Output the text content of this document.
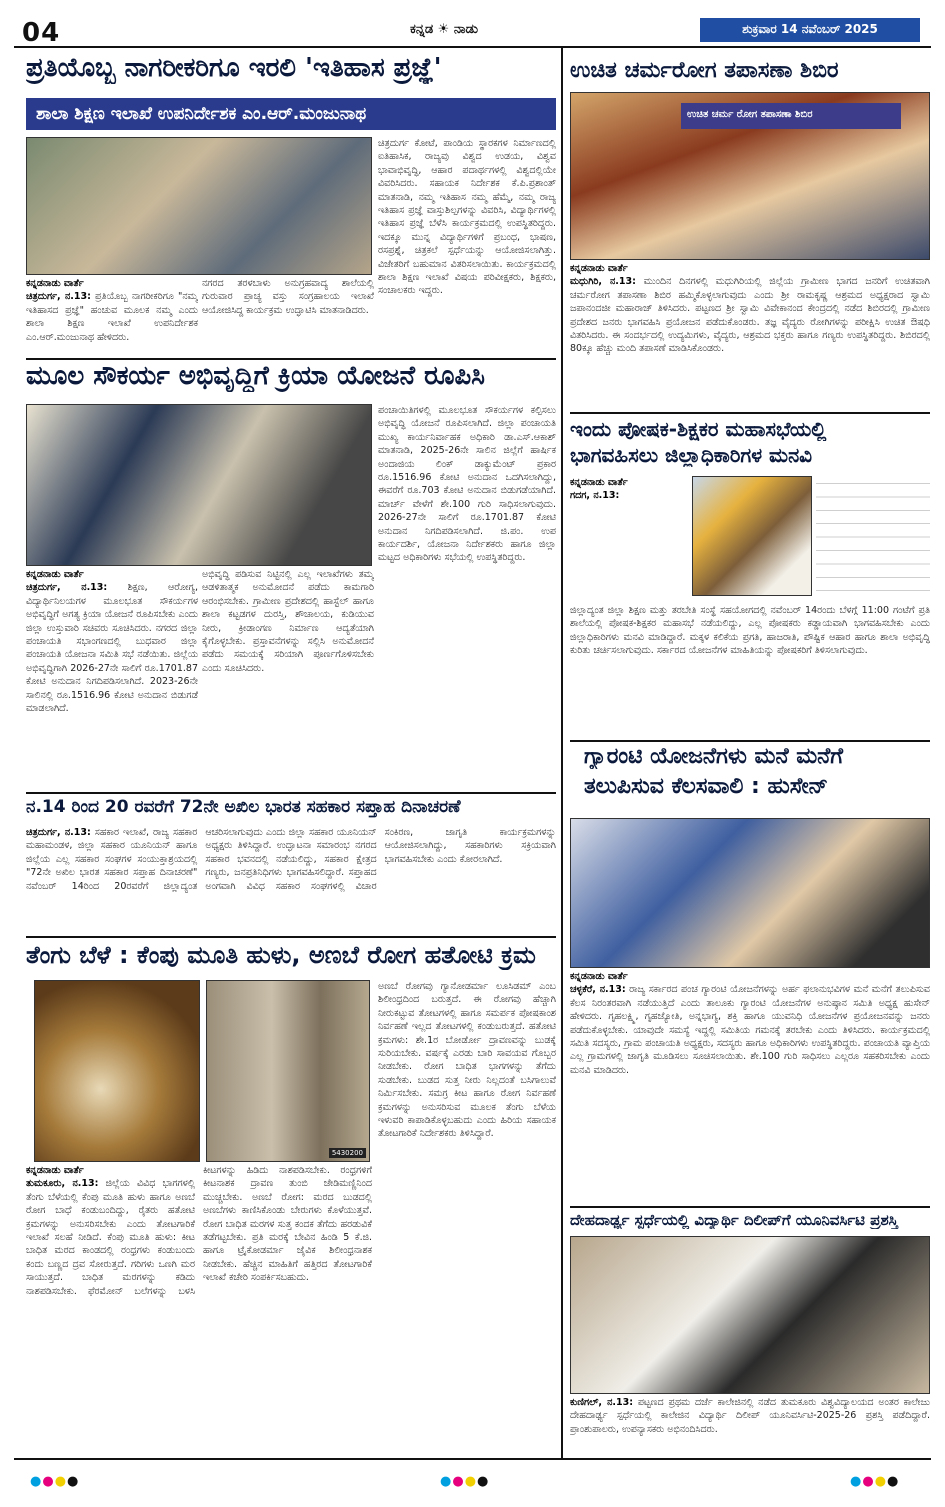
04	ಕನ್ನಡ ☀ ನಾಡು	ಶುಕ್ರವಾರ 14 ನವೆಂಬರ್ 2025
ಪ್ರತಿಯೊಬ್ಬ ನಾಗರೀಕರಿಗೂ ಇರಲಿ 'ಇತಿಹಾಸ ಪ್ರಜ್ಞೆ'
ಶಾಲಾ ಶಿಕ್ಷಣ ಇಲಾಖೆ ಉಪನಿರ್ದೇಶಕ ಎಂ.ಆರ್.ಮಂಜುನಾಥ
ಕನ್ನಡನಾಡು ವಾರ್ತೆ
ಚಿತ್ರದುರ್ಗ, ನ.13: ಪ್ರತಿಯೊಬ್ಬ ನಾಗರೀಕರಿಗೂ "ನಮ್ಮ ಇತಿಹಾಸದ ಪ್ರಜ್ಞೆ" ಹಂಚುವ ಮೂಲಕ ನಮ್ಮ ಎಂದು ಶಾಲಾ ಶಿಕ್ಷಣ ಇಲಾಖೆ ಉಪನಿರ್ದೇಶಕ ಎಂ.ಆರ್.ಮಂಜುನಾಥ ಹೇಳಿದರು.
ನಗರದ ತರಳಬಾಳು ಅನುಗ್ರಹವಾದ್ಯ ಶಾಲೆಯಲ್ಲಿ ಗುರುವಾರ ಪ್ರಾಚ್ಯ ವಸ್ತು ಸಂಗ್ರಹಾಲಯ ಇಲಾಖೆ ಆಯೋಜಿಸಿದ್ದ ಕಾರ್ಯಕ್ರಮ ಉದ್ಘಾಟಿಸಿ ಮಾತನಾಡಿದರು.
ಚಿತ್ರದುರ್ಗ ಕೋಟೆ, ಪಾಂಡಿಯ ಸ್ಥಾರಕಗಳ ನಿರ್ಮಾಣದಲ್ಲಿ ಐತಿಹಾಸಿಕ, ರಾಜ್ಯವು ವಿಶ್ವದ ಉಡಯ, ವಿಶ್ವವ ಭಾವಾಭಿವೃದ್ಧಿ, ಆಹಾರ ಪದಾರ್ಥಗಳಲ್ಲಿ ವಿಶ್ವದಲ್ಲಿಯೇ ವಿವರಿಸಿದರು. ಸಹಾಯಕ ನಿರ್ದೇಶಕ ಕೆ.ಪಿ.ಪ್ರಶಾಂತ್ ಮಾತನಾಡಿ, ನಮ್ಮ ಇತಿಹಾಸ ನಮ್ಮ ಹೆಮ್ಮೆ, ನಮ್ಮ ರಾಜ್ಯ ಇತಿಹಾಸ ಪ್ರಜ್ಞೆ ವಾಸ್ತುಶಿಲ್ಪಗಳನ್ನು ವಿವರಿಸಿ, ವಿದ್ಯಾರ್ಥಿಗಳಲ್ಲಿ ಇತಿಹಾಸ ಪ್ರಜ್ಞೆ ಬೆಳೆಸಿ ಕಾರ್ಯಕ್ರಮದಲ್ಲಿ ಉಪಸ್ಥಿತರಿದ್ದರು. ಇದಕ್ಕೂ ಮುನ್ನ ವಿದ್ಯಾರ್ಥಿಗಳಿಗೆ ಪ್ರಬಂಧ, ಭಾಷಣ, ರಸಪ್ರಶ್ನೆ, ಚಿತ್ರಕಲೆ ಸ್ಪರ್ಧೆಯನ್ನು ಆಯೋಜಿಸಲಾಗಿತ್ತು. ವಿಜೇತರಿಗೆ ಬಹುಮಾನ ವಿತರಿಸಲಾಯಿತು. ಕಾರ್ಯಕ್ರಮದಲ್ಲಿ ಶಾಲಾ ಶಿಕ್ಷಣ ಇಲಾಖೆ ವಿಷಯ ಪರಿವೀಕ್ಷಕರು, ಶಿಕ್ಷಕರು, ಸಂಚಾಲಕರು ಇದ್ದರು.
ಉಚಿತ ಚರ್ಮರೋಗ ತಪಾಸಣಾ ಶಿಬಿರ
ಉಚಿತ ಚರ್ಮ ರೋಗ ತಪಾಸಣಾ ಶಿಬಿರ
ಕನ್ನಡನಾಡು ವಾರ್ತೆ
ಮಧುಗಿರಿ, ನ.13: ಮುಂದಿನ ದಿನಗಳಲ್ಲಿ ಮಧುಗಿರಿಯಲ್ಲಿ ಜಿಲ್ಲೆಯ ಗ್ರಾಮೀಣ ಭಾಗದ ಜನರಿಗೆ ಉಚಿತವಾಗಿ ಚರ್ಮರೋಗ ತಪಾಸಣಾ ಶಿಬಿರ ಹಮ್ಮಿಕೊಳ್ಳಲಾಗುವುದು ಎಂದು ಶ್ರೀ ರಾಮಕೃಷ್ಣ ಆಶ್ರಮದ ಅಧ್ಯಕ್ಷರಾದ ಸ್ವಾಮಿ ಜಪಾನಂದಜೀ ಮಹಾರಾಜ್ ತಿಳಿಸಿದರು. ಪಟ್ಟಣದ ಶ್ರೀ ಸ್ವಾಮಿ ವಿವೇಕಾನಂದ ಕೇಂದ್ರದಲ್ಲಿ ನಡೆದ ಶಿಬಿರದಲ್ಲಿ ಗ್ರಾಮೀಣ ಪ್ರದೇಶದ ಜನರು ಭಾಗವಹಿಸಿ ಪ್ರಯೋಜನ ಪಡೆದುಕೊಂಡರು. ತಜ್ಞ ವೈದ್ಯರು ರೋಗಿಗಳನ್ನು ಪರೀಕ್ಷಿಸಿ ಉಚಿತ ಔಷಧಿ ವಿತರಿಸಿದರು. ಈ ಸಂದರ್ಭದಲ್ಲಿ ಉದ್ಯಮಿಗಳು, ವೈದ್ಯರು, ಆಶ್ರಮದ ಭಕ್ತರು ಹಾಗೂ ಗಣ್ಯರು ಉಪಸ್ಥಿತರಿದ್ದರು. ಶಿಬಿರದಲ್ಲಿ 80ಕ್ಕೂ ಹೆಚ್ಚು ಮಂದಿ ತಪಾಸಣೆ ಮಾಡಿಸಿಕೊಂಡರು.
ಮೂಲ ಸೌಕರ್ಯ ಅಭಿವೃದ್ಧಿಗೆ ಕ್ರಿಯಾ ಯೋಜನೆ ರೂಪಿಸಿ
ಕನ್ನಡನಾಡು ವಾರ್ತೆ
ಚಿತ್ರದುರ್ಗ, ನ.13: ಶಿಕ್ಷಣ, ಆರೋಗ್ಯ, ವಿದ್ಯಾರ್ಥಿನಿಲಯಗಳ ಮೂಲಭೂತ ಸೌಕರ್ಯಗಳ ಅಭಿವೃದ್ಧಿಗೆ ಅಗತ್ಯ ಕ್ರಿಯಾ ಯೋಜನೆ ರೂಪಿಸಬೇಕು ಎಂದು ಜಿಲ್ಲಾ ಉಸ್ತುವಾರಿ ಸಚಿವರು ಸೂಚಿಸಿದರು. ನಗರದ ಜಿಲ್ಲಾ ಪಂಚಾಯತಿ ಸಭಾಂಗಣದಲ್ಲಿ ಬುಧವಾರ ಜಿಲ್ಲಾ ಪಂಚಾಯತಿ ಯೋಜನಾ ಸಮಿತಿ ಸಭೆ ನಡೆಯಿತು. ಜಿಲ್ಲೆಯ ಅಭಿವೃದ್ಧಿಗಾಗಿ 2026-27ನೇ ಸಾಲಿಗೆ ರೂ.1701.87 ಕೋಟಿ ಅನುದಾನ ನಿಗದಿಪಡಿಸಲಾಗಿದೆ. 2023-26ನೇ ಸಾಲಿನಲ್ಲಿ ರೂ.1516.96 ಕೋಟಿ ಅನುದಾನ ಬಿಡುಗಡೆ ಮಾಡಲಾಗಿದೆ.
ಅಭಿವೃದ್ಧಿ ಪಡಿಸುವ ನಿಟ್ಟಿನಲ್ಲಿ ಎಲ್ಲ ಇಲಾಖೆಗಳು ತಮ್ಮ ಆಡಳಿತಾತ್ಮಕ ಅನುಮೋದನೆ ಪಡೆದು ಕಾಮಗಾರಿ ಆರಂಭಿಸಬೇಕು. ಗ್ರಾಮೀಣ ಪ್ರದೇಶದಲ್ಲಿ ಹಾಸ್ಟೆಲ್ ಹಾಗೂ ಶಾಲಾ ಕಟ್ಟಡಗಳ ದುರಸ್ತಿ, ಶೌಚಾಲಯ, ಕುಡಿಯುವ ನೀರು, ಕ್ರೀಡಾಂಗಣ ನಿರ್ಮಾಣ ಆದ್ಯತೆಯಾಗಿ ಕೈಗೊಳ್ಳಬೇಕು. ಪ್ರಸ್ತಾವನೆಗಳನ್ನು ಸಲ್ಲಿಸಿ ಅನುಮೋದನೆ ಪಡೆದು ಸಮಯಕ್ಕೆ ಸರಿಯಾಗಿ ಪೂರ್ಣಗೊಳಿಸಬೇಕು ಎಂದು ಸೂಚಿಸಿದರು.
ಪಂಚಾಯಿತಿಗಳಲ್ಲಿ ಮೂಲಭೂತ ಸೌಕರ್ಯಗಳ ಕಲ್ಪಿಸಲು ಅಭಿವೃದ್ಧಿ ಯೋಜನೆ ರೂಪಿಸಲಾಗಿದೆ. ಜಿಲ್ಲಾ ಪಂಚಾಯತಿ ಮುಖ್ಯ ಕಾರ್ಯನಿರ್ವಾಹಕ ಅಧಿಕಾರಿ ಡಾ.ಎಸ್.ಆಕಾಶ್ ಮಾತನಾಡಿ, 2025-26ನೇ ಸಾಲಿನ ಜಿಲ್ಲೆಗೆ ಹಾರ್ಷಿಕ ಅಂದಾಜಿಯ ಲಿಂಕ್ ಡಾಕ್ಯುಮೆಂಟ್ ಪ್ರಕಾರ ರೂ.1516.96 ಕೋಟಿ ಅನುದಾನ ಒದಗಿಸಲಾಗಿದ್ದು, ಈವರೆಗೆ ರೂ.703 ಕೋಟಿ ಅನುದಾನ ಬಿಡುಗಡೆಯಾಗಿದೆ. ಮಾರ್ಚ್ ವೇಳೆಗೆ ಶೇ.100 ಗುರಿ ಸಾಧಿಸಲಾಗುವುದು. 2026-27ನೇ ಸಾಲಿಗೆ ರೂ.1701.87 ಕೋಟಿ ಅನುದಾನ ನಿಗದಿಪಡಿಸಲಾಗಿದೆ. ಜಿ.ಪಂ. ಉಪ ಕಾರ್ಯದರ್ಶಿ, ಯೋಜನಾ ನಿರ್ದೇಶಕರು ಹಾಗೂ ಜಿಲ್ಲಾ ಮಟ್ಟದ ಅಧಿಕಾರಿಗಳು ಸಭೆಯಲ್ಲಿ ಉಪಸ್ಥಿತರಿದ್ದರು.
ಇಂದು ಪೋಷಕ-ಶಿಕ್ಷಕರ ಮಹಾಸಭೆಯಲ್ಲಿ
ಭಾಗವಹಿಸಲು ಜಿಲ್ಲಾಧಿಕಾರಿಗಳ ಮನವಿ
ಕನ್ನಡನಾಡು ವಾರ್ತೆ
ಗದಗ, ನ.13:
ಜಿಲ್ಲಾದ್ಯಂತ ಜಿಲ್ಲಾ ಶಿಕ್ಷಣ ಮತ್ತು ತರಬೇತಿ ಸಂಸ್ಥೆ ಸಹಯೋಗದಲ್ಲಿ ನವೆಂಬರ್ 14ರಂದು ಬೆಳಗ್ಗೆ 11:00 ಗಂಟೆಗೆ ಪ್ರತಿ ಶಾಲೆಯಲ್ಲಿ ಪೋಷಕ-ಶಿಕ್ಷಕರ ಮಹಾಸಭೆ ನಡೆಯಲಿದ್ದು, ಎಲ್ಲ ಪೋಷಕರು ಕಡ್ಡಾಯವಾಗಿ ಭಾಗವಹಿಸಬೇಕು ಎಂದು ಜಿಲ್ಲಾಧಿಕಾರಿಗಳು ಮನವಿ ಮಾಡಿದ್ದಾರೆ. ಮಕ್ಕಳ ಕಲಿಕೆಯ ಪ್ರಗತಿ, ಹಾಜರಾತಿ, ಪೌಷ್ಟಿಕ ಆಹಾರ ಹಾಗೂ ಶಾಲಾ ಅಭಿವೃದ್ಧಿ ಕುರಿತು ಚರ್ಚಿಸಲಾಗುವುದು. ಸರ್ಕಾರದ ಯೋಜನೆಗಳ ಮಾಹಿತಿಯನ್ನು ಪೋಷಕರಿಗೆ ತಿಳಿಸಲಾಗುವುದು.
ಗ್ಯಾರಂಟಿ ಯೋಜನೆಗಳು ಮನೆ ಮನೆಗೆ
ತಲುಪಿಸುವ ಕೆಲಸವಾಲಿ : ಹುಸೇನ್
ಕನ್ನಡನಾಡು ವಾರ್ತೆ
ಚಳ್ಳಕೆರೆ, ನ.13: ರಾಜ್ಯ ಸರ್ಕಾರದ ಪಂಚ ಗ್ಯಾರಂಟಿ ಯೋಜನೆಗಳನ್ನು ಅರ್ಹ ಫಲಾನುಭವಿಗಳ ಮನೆ ಮನೆಗೆ ತಲುಪಿಸುವ ಕೆಲಸ ನಿರಂತರವಾಗಿ ನಡೆಯುತ್ತಿದೆ ಎಂದು ತಾಲೂಕು ಗ್ಯಾರಂಟಿ ಯೋಜನೆಗಳ ಅನುಷ್ಠಾನ ಸಮಿತಿ ಅಧ್ಯಕ್ಷ ಹುಸೇನ್ ಹೇಳಿದರು. ಗೃಹಲಕ್ಷ್ಮಿ, ಗೃಹಜ್ಯೋತಿ, ಅನ್ನಭಾಗ್ಯ, ಶಕ್ತಿ ಹಾಗೂ ಯುವನಿಧಿ ಯೋಜನೆಗಳ ಪ್ರಯೋಜನವನ್ನು ಜನರು ಪಡೆದುಕೊಳ್ಳಬೇಕು. ಯಾವುದೇ ಸಮಸ್ಯೆ ಇದ್ದಲ್ಲಿ ಸಮಿತಿಯ ಗಮನಕ್ಕೆ ತರಬೇಕು ಎಂದು ತಿಳಿಸಿದರು. ಕಾರ್ಯಕ್ರಮದಲ್ಲಿ ಸಮಿತಿ ಸದಸ್ಯರು, ಗ್ರಾಮ ಪಂಚಾಯತಿ ಅಧ್ಯಕ್ಷರು, ಸದಸ್ಯರು ಹಾಗೂ ಅಧಿಕಾರಿಗಳು ಉಪಸ್ಥಿತರಿದ್ದರು. ಪಂಚಾಯತಿ ವ್ಯಾಪ್ತಿಯ ಎಲ್ಲ ಗ್ರಾಮಗಳಲ್ಲಿ ಜಾಗೃತಿ ಮೂಡಿಸಲು ಸೂಚಿಸಲಾಯಿತು. ಶೇ.100 ಗುರಿ ಸಾಧಿಸಲು ಎಲ್ಲರೂ ಸಹಕರಿಸಬೇಕು ಎಂದು ಮನವಿ ಮಾಡಿದರು.
ನ.14 ರಿಂದ 20 ರವರೆಗೆ 72ನೇ ಅಖಿಲ ಭಾರತ ಸಹಕಾರ ಸಪ್ತಾಹ ದಿನಾಚರಣೆ
ಚಿತ್ರದುರ್ಗ, ನ.13: ಸಹಕಾರ ಇಲಾಖೆ, ರಾಜ್ಯ ಸಹಕಾರ ಮಹಾಮಂಡಳ, ಜಿಲ್ಲಾ ಸಹಕಾರ ಯೂನಿಯನ್ ಹಾಗೂ ಜಿಲ್ಲೆಯ ಎಲ್ಲ ಸಹಕಾರ ಸಂಘಗಳ ಸಂಯುಕ್ತಾಶ್ರಯದಲ್ಲಿ "72ನೇ ಅಖಿಲ ಭಾರತ ಸಹಕಾರ ಸಪ್ತಾಹ ದಿನಾಚರಣೆ" ನವೆಂಬರ್ 14ರಿಂದ 20ರವರೆಗೆ ಜಿಲ್ಲಾದ್ಯಂತ ಆಚರಿಸಲಾಗುವುದು ಎಂದು ಜಿಲ್ಲಾ ಸಹಕಾರ ಯೂನಿಯನ್ ಅಧ್ಯಕ್ಷರು ತಿಳಿಸಿದ್ದಾರೆ. ಉದ್ಘಾಟನಾ ಸಮಾರಂಭ ನಗರದ ಸಹಕಾರ ಭವನದಲ್ಲಿ ನಡೆಯಲಿದ್ದು, ಸಹಕಾರ ಕ್ಷೇತ್ರದ ಗಣ್ಯರು, ಜನಪ್ರತಿನಿಧಿಗಳು ಭಾಗವಹಿಸಲಿದ್ದಾರೆ. ಸಪ್ತಾಹದ ಅಂಗವಾಗಿ ವಿವಿಧ ಸಹಕಾರ ಸಂಘಗಳಲ್ಲಿ ವಿಚಾರ ಸಂಕಿರಣ, ಜಾಗೃತಿ ಕಾರ್ಯಕ್ರಮಗಳನ್ನು ಆಯೋಜಿಸಲಾಗಿದ್ದು, ಸಹಕಾರಿಗಳು ಸಕ್ರಿಯವಾಗಿ ಭಾಗವಹಿಸಬೇಕು ಎಂದು ಕೋರಲಾಗಿದೆ.
ತೆಂಗು ಬೆಳೆ : ಕೆಂಪು ಮೂತಿ ಹುಳು, ಅಣಬೆ ರೋಗ ಹತೋಟಿ ಕ್ರಮ
5430200
ಕನ್ನಡನಾಡು ವಾರ್ತೆ
ತುಮಕೂರು, ನ.13: ಜಿಲ್ಲೆಯ ವಿವಿಧ ಭಾಗಗಳಲ್ಲಿ ತೆಂಗು ಬೆಳೆಯಲ್ಲಿ ಕೆಂಪು ಮೂತಿ ಹುಳು ಹಾಗೂ ಅಣಬೆ ರೋಗ ಬಾಧೆ ಕಂಡುಬಂದಿದ್ದು, ರೈತರು ಹತೋಟಿ ಕ್ರಮಗಳನ್ನು ಅನುಸರಿಸಬೇಕು ಎಂದು ತೋಟಗಾರಿಕೆ ಇಲಾಖೆ ಸಲಹೆ ನೀಡಿದೆ. ಕೆಂಪು ಮೂತಿ ಹುಳು: ಕೀಟ ಬಾಧಿತ ಮರದ ಕಾಂಡದಲ್ಲಿ ರಂಧ್ರಗಳು ಕಂಡುಬಂದು ಕಂದು ಬಣ್ಣದ ದ್ರವ ಸೋರುತ್ತದೆ. ಗರಿಗಳು ಒಣಗಿ ಮರ ಸಾಯುತ್ತದೆ. ಬಾಧಿತ ಮರಗಳನ್ನು ಕಡಿದು ನಾಶಪಡಿಸಬೇಕು. ಫೆರಮೋನ್ ಬಲೆಗಳನ್ನು ಬಳಸಿ ಕೀಟಗಳನ್ನು ಹಿಡಿದು ನಾಶಪಡಿಸಬೇಕು. ರಂಧ್ರಗಳಿಗೆ ಕೀಟನಾಶಕ ದ್ರಾವಣ ತುಂಬಿ ಜೇಡಿಮಣ್ಣಿನಿಂದ ಮುಚ್ಚಬೇಕು. ಅಣಬೆ ರೋಗ: ಮರದ ಬುಡದಲ್ಲಿ ಅಣಬೆಗಳು ಕಾಣಿಸಿಕೊಂಡು ಬೇರುಗಳು ಕೊಳೆಯುತ್ತವೆ. ರೋಗ ಬಾಧಿತ ಮರಗಳ ಸುತ್ತ ಕಂದಕ ತೆಗೆದು ಹರಡುವಿಕೆ ತಡೆಗಟ್ಟಬೇಕು. ಪ್ರತಿ ಮರಕ್ಕೆ ಬೇವಿನ ಹಿಂಡಿ 5 ಕೆ.ಜಿ. ಹಾಗೂ ಟ್ರೈಕೋಡರ್ಮಾ ಜೈವಿಕ ಶಿಲೀಂಧ್ರನಾಶಕ ನೀಡಬೇಕು. ಹೆಚ್ಚಿನ ಮಾಹಿತಿಗೆ ಹತ್ತಿರದ ತೋಟಗಾರಿಕೆ ಇಲಾಖೆ ಕಚೇರಿ ಸಂಪರ್ಕಿಸಬಹುದು.
ಅಣಬೆ ರೋಗವು ಗ್ಯಾನೋಡರ್ಮಾ ಲೂಸಿಡಮ್ ಎಂಬ ಶಿಲೀಂಧ್ರದಿಂದ ಬರುತ್ತದೆ. ಈ ರೋಗವು ಹೆಚ್ಚಾಗಿ ನೀರುಕಟ್ಟುವ ತೋಟಗಳಲ್ಲಿ ಹಾಗೂ ಸಮರ್ಪಕ ಪೋಷಕಾಂಶ ನಿರ್ವಹಣೆ ಇಲ್ಲದ ತೋಟಗಳಲ್ಲಿ ಕಂಡುಬರುತ್ತದೆ. ಹತೋಟಿ ಕ್ರಮಗಳು: ಶೇ.1ರ ಬೋರ್ಡೋ ದ್ರಾವಣವನ್ನು ಬುಡಕ್ಕೆ ಸುರಿಯಬೇಕು. ವರ್ಷಕ್ಕೆ ಎರಡು ಬಾರಿ ಸಾವಯವ ಗೊಬ್ಬರ ನೀಡಬೇಕು. ರೋಗ ಬಾಧಿತ ಭಾಗಗಳನ್ನು ತೆಗೆದು ಸುಡಬೇಕು. ಬುಡದ ಸುತ್ತ ನೀರು ನಿಲ್ಲದಂತೆ ಬಸಿಗಾಲುವೆ ನಿರ್ಮಿಸಬೇಕು. ಸಮಗ್ರ ಕೀಟ ಹಾಗೂ ರೋಗ ನಿರ್ವಹಣೆ ಕ್ರಮಗಳನ್ನು ಅನುಸರಿಸುವ ಮೂಲಕ ತೆಂಗು ಬೆಳೆಯ ಇಳುವರಿ ಕಾಪಾಡಿಕೊಳ್ಳಬಹುದು ಎಂದು ಹಿರಿಯ ಸಹಾಯಕ ತೋಟಗಾರಿಕೆ ನಿರ್ದೇಶಕರು ತಿಳಿಸಿದ್ದಾರೆ.
ದೇಹದಾರ್ಢ್ಯ ಸ್ಪರ್ಧೆಯಲ್ಲಿ ವಿದ್ಯಾರ್ಥಿ ದಿಲೀಪ್‌ಗೆ ಯೂನಿವರ್ಸಿಟಿ ಪ್ರಶಸ್ತಿ
ಕುಣಿಗಲ್, ನ.13: ಪಟ್ಟಣದ ಪ್ರಥಮ ದರ್ಜೆ ಕಾಲೇಜಿನಲ್ಲಿ ನಡೆದ ತುಮಕೂರು ವಿಶ್ವವಿದ್ಯಾಲಯದ ಅಂತರ ಕಾಲೇಜು ದೇಹದಾರ್ಢ್ಯ ಸ್ಪರ್ಧೆಯಲ್ಲಿ ಕಾಲೇಜಿನ ವಿದ್ಯಾರ್ಥಿ ದಿಲೀಪ್ ಯೂನಿವರ್ಸಿಟಿ-2025-26 ಪ್ರಶಸ್ತಿ ಪಡೆದಿದ್ದಾರೆ. ಪ್ರಾಂಶುಪಾಲರು, ಉಪನ್ಯಾಸಕರು ಅಭಿನಂದಿಸಿದರು.
●●●●	●●●●	●●●●
